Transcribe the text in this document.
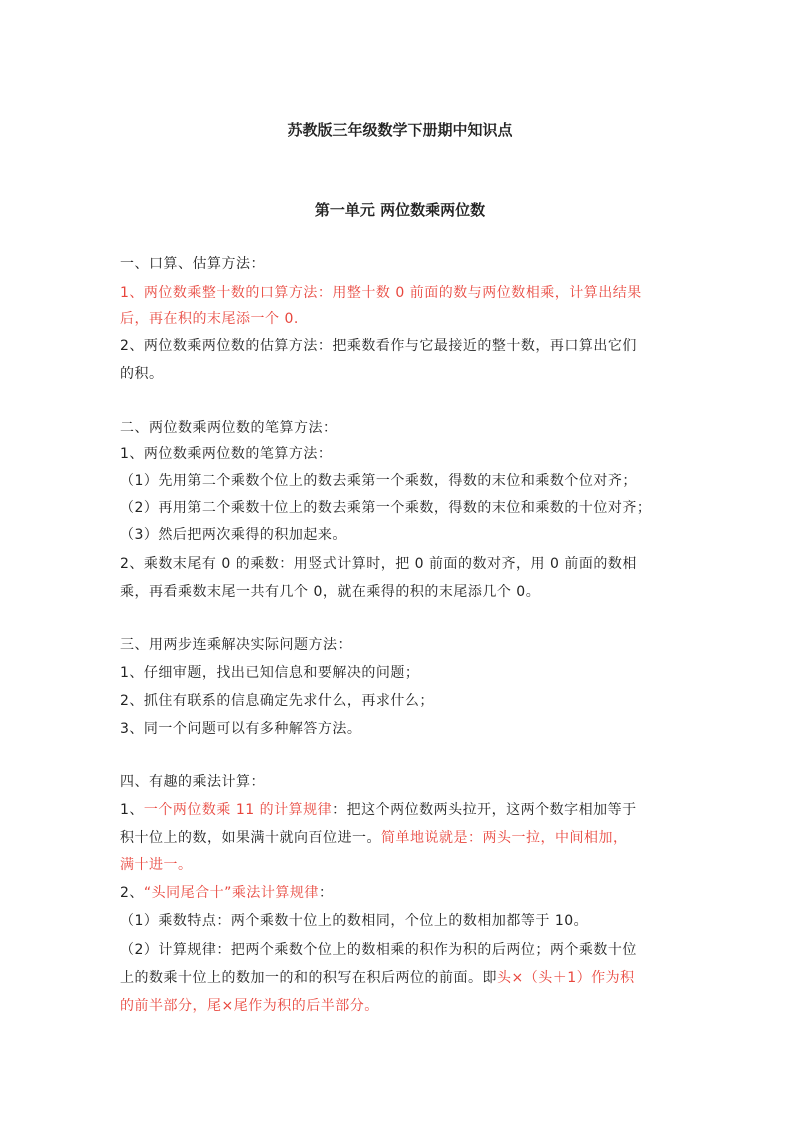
苏教版三年级数学下册期中知识点
第一单元 两位数乘两位数
一、口算、估算方法：
1、两位数乘整十数的口算方法：用整十数 0 前面的数与两位数相乘，计算出结果
后，再在积的末尾添一个 0.
2、两位数乘两位数的估算方法：把乘数看作与它最接近的整十数，再口算出它们
的积。
二、两位数乘两位数的笔算方法：
1、两位数乘两位数的笔算方法：
（1）先用第二个乘数个位上的数去乘第一个乘数，得数的末位和乘数个位对齐；
（2）再用第二个乘数十位上的数去乘第一个乘数，得数的末位和乘数的十位对齐；
（3）然后把两次乘得的积加起来。
2、乘数末尾有 0 的乘数：用竖式计算时，把 0 前面的数对齐，用 0 前面的数相
乘，再看乘数末尾一共有几个 0，就在乘得的积的末尾添几个 0。
三、用两步连乘解决实际问题方法：
1、仔细审题，找出已知信息和要解决的问题；
2、抓住有联系的信息确定先求什么，再求什么；
3、同一个问题可以有多种解答方法。
四、有趣的乘法计算：
1、一个两位数乘 11 的计算规律：把这个两位数两头拉开，这两个数字相加等于
积十位上的数，如果满十就向百位进一。简单地说就是：两头一拉，中间相加，
满十进一。
2、“头同尾合十”乘法计算规律：
（1）乘数特点：两个乘数十位上的数相同，个位上的数相加都等于 10。
（2）计算规律：把两个乘数个位上的数相乘的积作为积的后两位；两个乘数十位
上的数乘十位上的数加一的和的积写在积后两位的前面。即头×（头＋1）作为积
的前半部分，尾×尾作为积的后半部分。
